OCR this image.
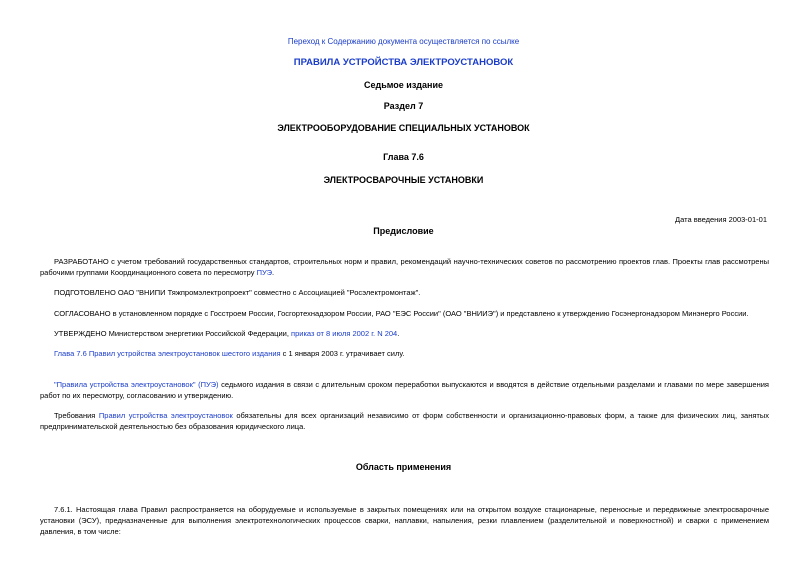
Переход к Содержанию документа осуществляется по ссылке
ПРАВИЛА УСТРОЙСТВА ЭЛЕКТРОУСТАНОВОК
Седьмое издание
Раздел 7
ЭЛЕКТРООБОРУДОВАНИЕ СПЕЦИАЛЬНЫХ УСТАНОВОК
Глава 7.6
ЭЛЕКТРОСВАРОЧНЫЕ УСТАНОВКИ
Дата введения 2003-01-01
Предисловие
РАЗРАБОТАНО с учетом требований государственных стандартов, строительных норм и правил, рекомендаций научно-технических советов по рассмотрению проектов глав. Проекты глав рассмотрены рабочими группами Координационного совета по пересмотру ПУЭ.
ПОДГОТОВЛЕНО ОАО "ВНИПИ Тяжпромэлектропроект" совместно с Ассоциацией "Росэлектромонтаж".
СОГЛАСОВАНО в установленном порядке с Госстроем России, Госгортехнадзором России, РАО "ЕЭС России" (ОАО "ВНИИЭ") и представлено к утверждению Госэнергонадзором Минэнерго России.
УТВЕРЖДЕНО Министерством энергетики Российской Федерации, приказ от 8 июля 2002 г. N 204.
Глава 7.6 Правил устройства электроустановок шестого издания с 1 января 2003 г. утрачивает силу.
"Правила устройства электроустановок" (ПУЭ) седьмого издания в связи с длительным сроком переработки выпускаются и вводятся в действие отдельными разделами и главами по мере завершения работ по их пересмотру, согласованию и утверждению.
Требования Правил устройства электроустановок обязательны для всех организаций независимо от форм собственности и организационно-правовых форм, а также для физических лиц, занятых предпринимательской деятельностью без образования юридического лица.
Область применения
7.6.1. Настоящая глава Правил распространяется на оборудуемые и используемые в закрытых помещениях или на открытом воздухе стационарные, переносные и передвижные электросварочные установки (ЭСУ), предназначенные для выполнения электротехнологических процессов сварки, наплавки, напыления, резки плавлением (разделительной и поверхностной) и сварки с применением давления, в том числе:
